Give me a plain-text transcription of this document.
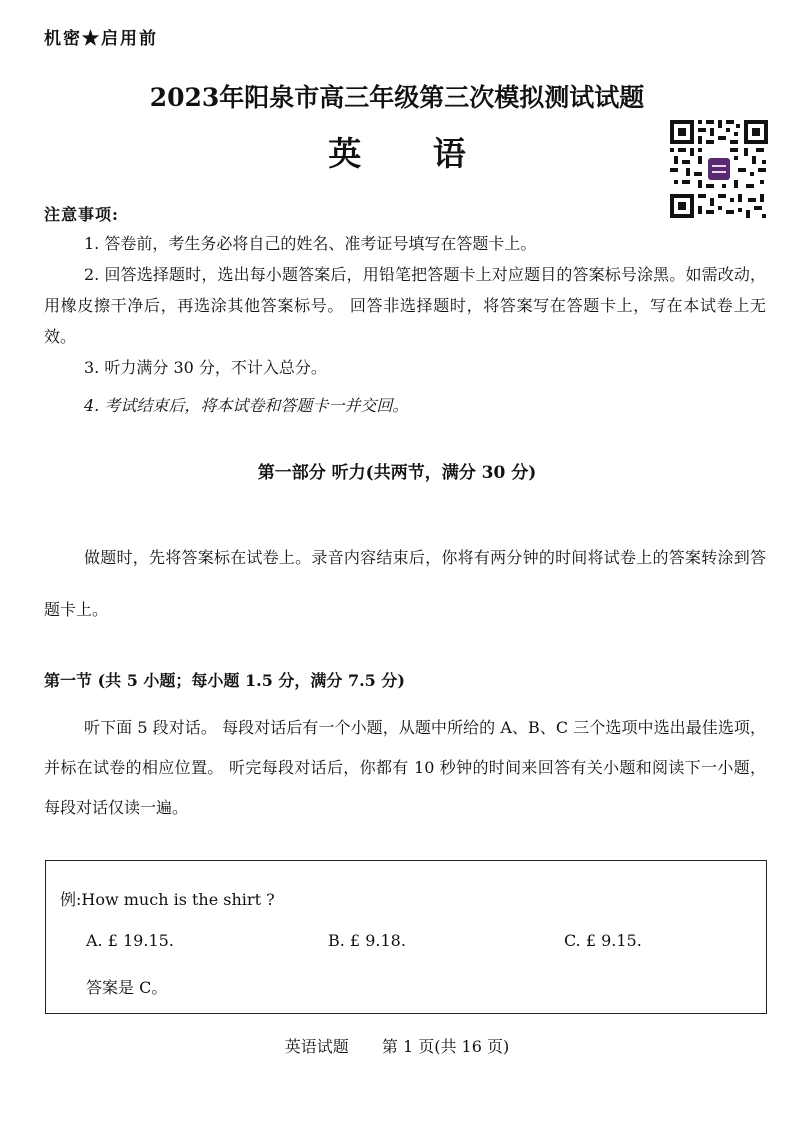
机密★启用前
2023年阳泉市高三年级第三次模拟测试试题
英 语
注意事项:
1. 答卷前，考生务必将自己的姓名、准考证号填写在答题卡上。
2. 回答选择题时，选出每小题答案后，用铅笔把答题卡上对应题目的答案标号涂黑。如需改动，用橡皮擦干净后，再选涂其他答案标号。 回答非选择题时，将答案写在答题卡上，写在本试卷上无效。
3. 听力满分 30 分，不计入总分。
4. 考试结束后，将本试卷和答题卡一并交回。
第一部分 听力(共两节，满分 30 分)
做题时，先将答案标在试卷上。录音内容结束后，你将有两分钟的时间将试卷上的答案转涂到答题卡上。
第一节 (共 5 小题；每小题 1.5 分，满分 7.5 分)
听下面 5 段对话。 每段对话后有一个小题，从题中所给的 A、B、C 三个选项中选出最佳选项，并标在试卷的相应位置。 听完每段对话后，你都有 10 秒钟的时间来回答有关小题和阅读下一小题，每段对话仅读一遍。
例:How much is the shirt ?
A. £ 19.15.	B. £ 9.18.	C. £ 9.15.
答案是 C。
英语试题 第 1 页(共 16 页)
